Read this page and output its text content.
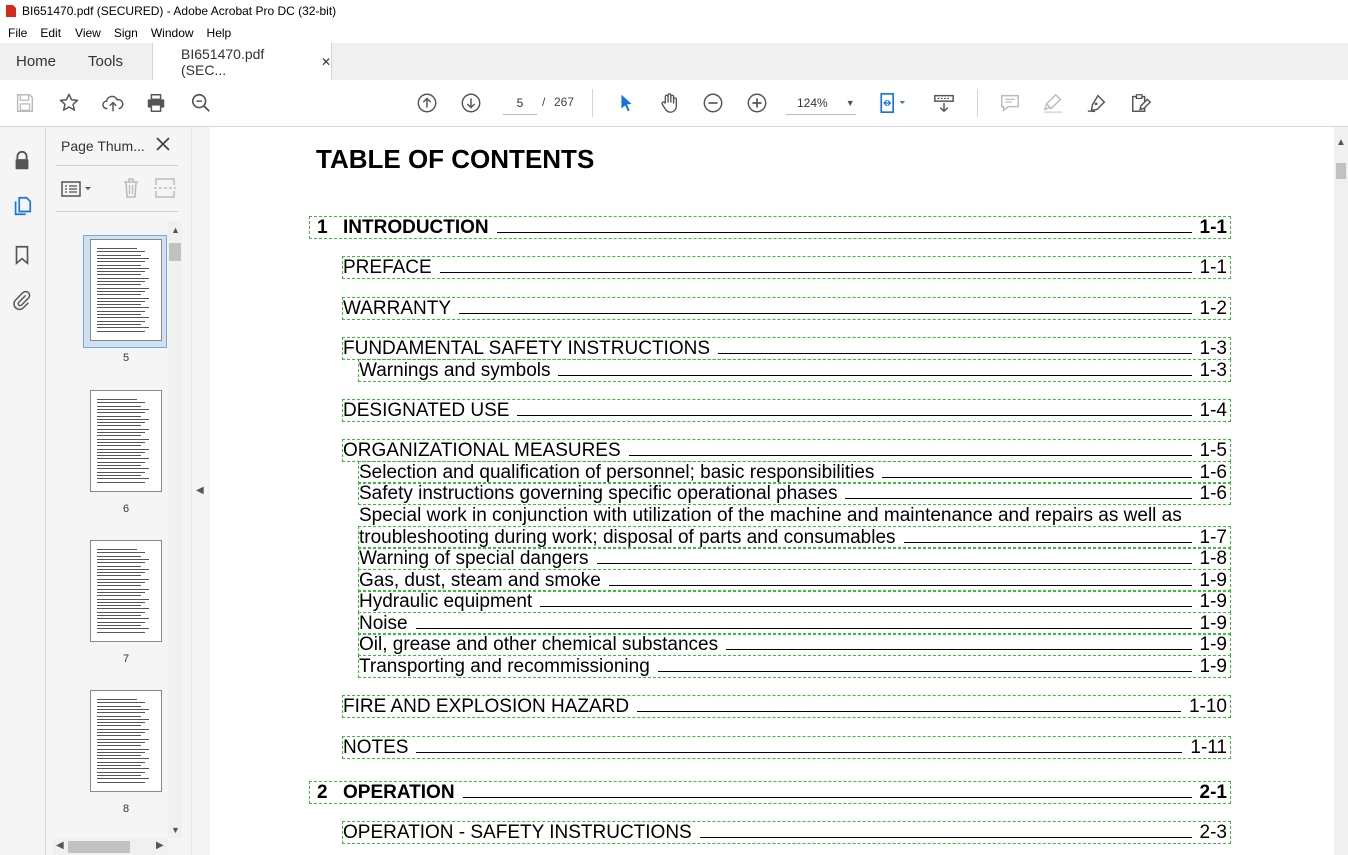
BI651470.pdf (SECURED) - Adobe Acrobat Pro DC (32-bit)
File Edit View Sign Window Help
Home Tools	BI651470.pdf (SEC...	✕
5	/ 267	124% ▼
Page Thum...
5
6
7
8
▲
▼
◀	▶
◀
TABLE OF CONTENTS
1 INTRODUCTION	1-1
PREFACE	1-1
WARRANTY	1-2
FUNDAMENTAL SAFETY INSTRUCTIONS	1-3
Warnings and symbols	1-3
DESIGNATED USE	1-4
ORGANIZATIONAL MEASURES	1-5
Selection and qualification of personnel; basic responsibilities	1-6
Safety instructions governing specific operational phases	1-6
Special work in conjunction with utilization of the machine and maintenance and repairs as well as
troubleshooting during work; disposal of parts and consumables	1-7
Warning of special dangers	1-8
Gas, dust, steam and smoke	1-9
Hydraulic equipment	1-9
Noise	1-9
Oil, grease and other chemical substances	1-9
Transporting and recommissioning	1-9
FIRE AND EXPLOSION HAZARD	1-10
NOTES	1-11
2 OPERATION	2-1
OPERATION - SAFETY INSTRUCTIONS	2-3
▲
